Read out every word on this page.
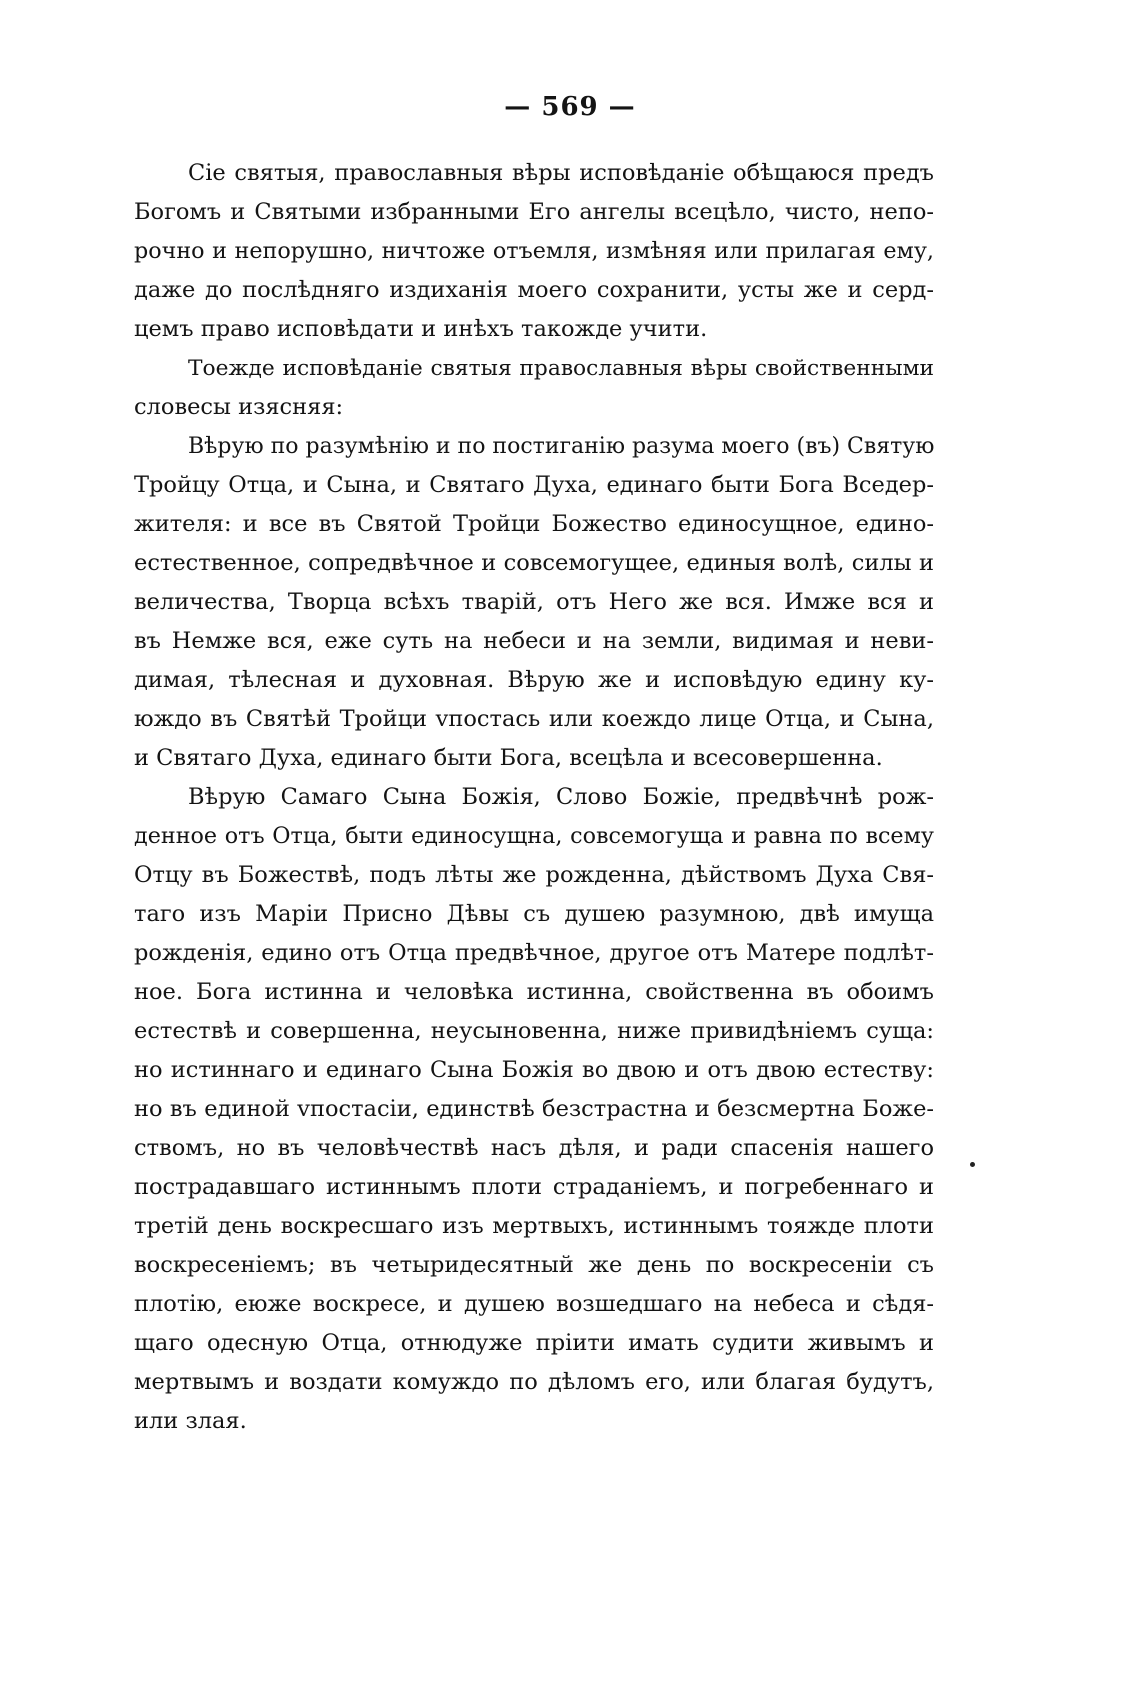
— 569 —

Сіе святыя, православныя вѣры исповѣданіе обѣщаюся предъ
Богомъ и Святыми избранными Его ангелы всецѣло, чисто, непо-
рочно и непорушно, ничтоже отъемля, измѣняя или прилагая ему,
даже до послѣдняго издиханія моего сохранити, усты же и серд-
цемъ право исповѣдати и инѣхъ такожде учити.

Тоежде исповѣданіе святыя православныя вѣры свойственными
словесы изясняя:

Вѣрую по разумѣнію и по постиганію разума моего (въ) Святую
Тройцу Отца, и Сына, и Святаго Духа, единаго быти Бога Вседер-
жителя: и все въ Святой Тройци Божество единосущное, едино-
естественное, сопредвѣчное и совсемогущее, единыя волѣ, силы и
величества, Творца всѣхъ тварій, отъ Него же вся. Имже вся и
въ Немже вся, еже суть на небеси и на земли, видимая и неви-
димая, тѣлесная и духовная. Вѣрую же и исповѣдую едину ку-
юждо въ Святѣй Тройци vпостась или коеждо лице Отца, и Сына,
и Святаго Духа, единаго быти Бога, всецѣла и всесовершенна.

Вѣрую Самаго Сына Божія, Слово Божіе, предвѣчнѣ рож-
денное отъ Отца, быти единосущна, совсемогуща и равна по всему
Отцу въ Божествѣ, подъ лѣты же рожденна, дѣйствомъ Духа Свя-
таго изъ Маріи Присно Дѣвы съ душею разумною, двѣ имуща
рожденія, едино отъ Отца предвѣчное, другое отъ Матере подлѣт-
ное. Бога истинна и человѣка истинна, свойственна въ обоимъ
естествѣ и совершенна, неусыновенна, ниже привидѣніемъ суща:
но истиннаго и единаго Сына Божія во двою и отъ двою естеству:
но въ единой vпостасіи, единствѣ безстрастна и безсмертна Боже-
ствомъ, но въ человѣчествѣ насъ дѣля, и ради спасенія нашего
пострадавшаго истиннымъ плоти страданіемъ, и погребеннаго и
третій день воскресшаго изъ мертвыхъ, истиннымъ тояжде плоти
воскресеніемъ; въ четыридесятный же день по воскресеніи съ
плотію, еюже воскресе, и душею возшедшаго на небеса и сѣдя-
щаго одесную Отца, отнюдуже пріити имать судити живымъ и
мертвымъ и воздати комуждо по дѣломъ его, или благая будутъ,
или злая.
